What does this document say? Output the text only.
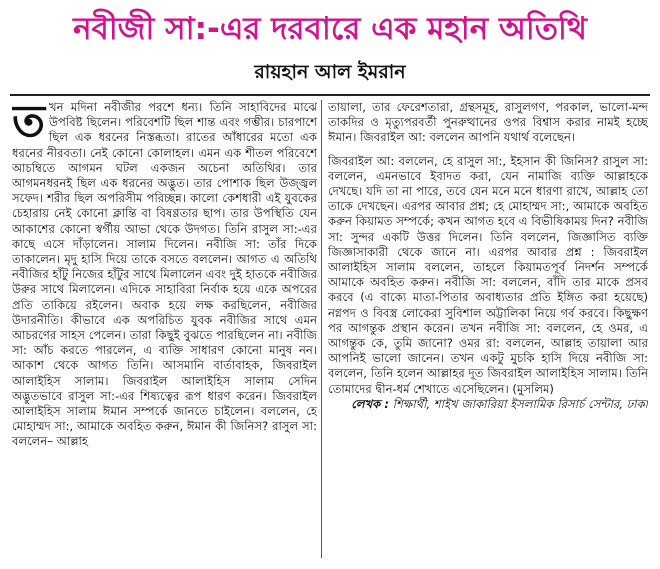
নবীজী সা:-এর দরবারে এক মহান অতিথি
রায়হান আল ইমরান

তখন মদিনা নবীজীর পরশে ধন্য। তিনি সাহাবিদের মাঝে উপবিষ্ট ছিলেন। পরিবেশটি ছিল শান্ত এবং গম্ভীর। চারপাশে ছিল এক ধরনের নিস্তব্ধতা। রাতের আঁধারের মতো এক ধরনের নীরবতা। নেই কোনো কোলাহল। এমন এক শীতল পরিবেশে আচম্বিতে আগমন ঘটল একজন অচেনা অতিথির। তার আগমনধরনই ছিল এক ধরনের অদ্ভুত। তার পোশাক ছিল উজ্জ্বল সফেদ। শরীর ছিল অপরিসীম পরিচ্ছন্ন। কালো কেশধারী এই যুবকের চেহারায় নেই কোনো ক্লান্তি বা বিষণ্ণতার ছাপ। তার উপস্থিতি যেন আকাশের কোনো স্বর্গীয় আভা থেকে উদগত। তিনি রাসুল সা:-এর কাছে এসে দাঁড়ালেন। সালাম দিলেন। নবীজি সা: তাঁর দিকে তাকালেন। মৃদু হাসি দিয়ে তাকে বসতে বললেন। আগত এ অতিথি নবীজির হাঁটু নিজের হাঁটুর সাথে মিলালেন এবং দুই হাতকে নবীজির উরুর সাথে মিলালেন। এদিকে সাহাবিরা নির্বাক হয়ে একে অপরের প্রতি তাকিয়ে রইলেন। অবাক হয়ে লক্ষ করছিলেন, নবীজির উদারনীতি। কীভাবে এক অপরিচিত যুবক নবীজির সাথে এমন আচরণের সাহস পেলেন। তারা কিছুই বুঝতে পারছিলেন না। নবীজি সা: আঁচ করতে পারলেন, এ ব্যক্তি সাধারণ কোনো মানুষ নন। আকাশ থেকে আগত তিনি। আসমানি বার্তাবাহক, জিবরাইল আলাইহিস সালাম। জিবরাইল আলাইহিস সালাম সেদিন অদ্ভুতভাবে রাসুল সা:-এর শিষ্যত্বের রূপ ধারণ করেন। জিবরাইল আলাইহিস সালাম ঈমান সম্পর্কে জানতে চাইলেন। বললেন, হে মোহাম্মদ সা:, আমাকে অবহিত করুন, ঈমান কী জিনিস? রাসুল সা: বললেন– আল্লাহ

তায়ালা, তার ফেরেশতারা, গ্রন্থসমূহ, রাসুলগণ, পরকাল, ভালো-মন্দ তাকদির ও মৃত্যুপরবর্তী পুনরুত্থানের ওপর বিশ্বাস করার নামই হচ্ছে ঈমান। জিবরাইল আ: বললেন আপনি যথার্থ বলেছেন।

জিবরাইল আ: বললেন, হে রাসুল সা:, ইহসান কী জিনিস? রাসুল সা: বললেন, এমনভাবে ইবাদত করা, যেন নামাজি ব্যক্তি আল্লাহকে দেখছে। যদি তা না পারে, তবে যেন মনে মনে ধারণা রাখে, আল্লাহ তো তাকে দেখছেন। এরপর আবার প্রশ্ন; হে মোহাম্মদ সা:, আমাকে অবহিত করুন কিয়ামত সম্পর্কে; কখন আগত হবে এ বিভীষিকাময় দিন? নবীজি সা: সুন্দর একটি উত্তর দিলেন। তিনি বললেন, জিজ্ঞাসিত ব্যক্তি জিজ্ঞাসাকারী থেকে জানে না। এরপর আবার প্রশ্ন : জিবরাইল আলাইহিস সালাম বললেন, তাহলে কিয়ামতপূর্ব নিদর্শন সম্পর্কে আমাকে অবহিত করুন। নবীজি সা: বললেন, বাঁদি তার মাকে প্রসব করবে (এ বাক্যে মাতা-পিতার অবাধ্যতার প্রতি ইঙ্গিত করা হয়েছে) নগ্নপদ ও বিবস্ত্র লোকেরা সুবিশাল অট্টালিকা নিয়ে গর্ব করবে। কিছুক্ষণ পর আগন্তুক প্রস্থান করেন। তখন নবীজি সা: বললেন, হে ওমর, এ আগন্তুক কে, তুমি জানো? ওমর রা: বললেন, আল্লাহ তায়ালা আর আপনিই ভালো জানেন। তখন একটু মুচকি হাসি দিয়ে নবীজি সা: বললেন, তিনি হলেন আল্লাহর দূত জিবরাইল আলাইহিস সালাম। তিনি তোমাদের দ্বীন-ধর্ম শেখাতে এসেছিলেন। (মুসলিম)

লেখক : শিক্ষার্থী, শাইখ জাকারিয়া ইসলামিক রিসার্চ সেন্টার, ঢাকা
